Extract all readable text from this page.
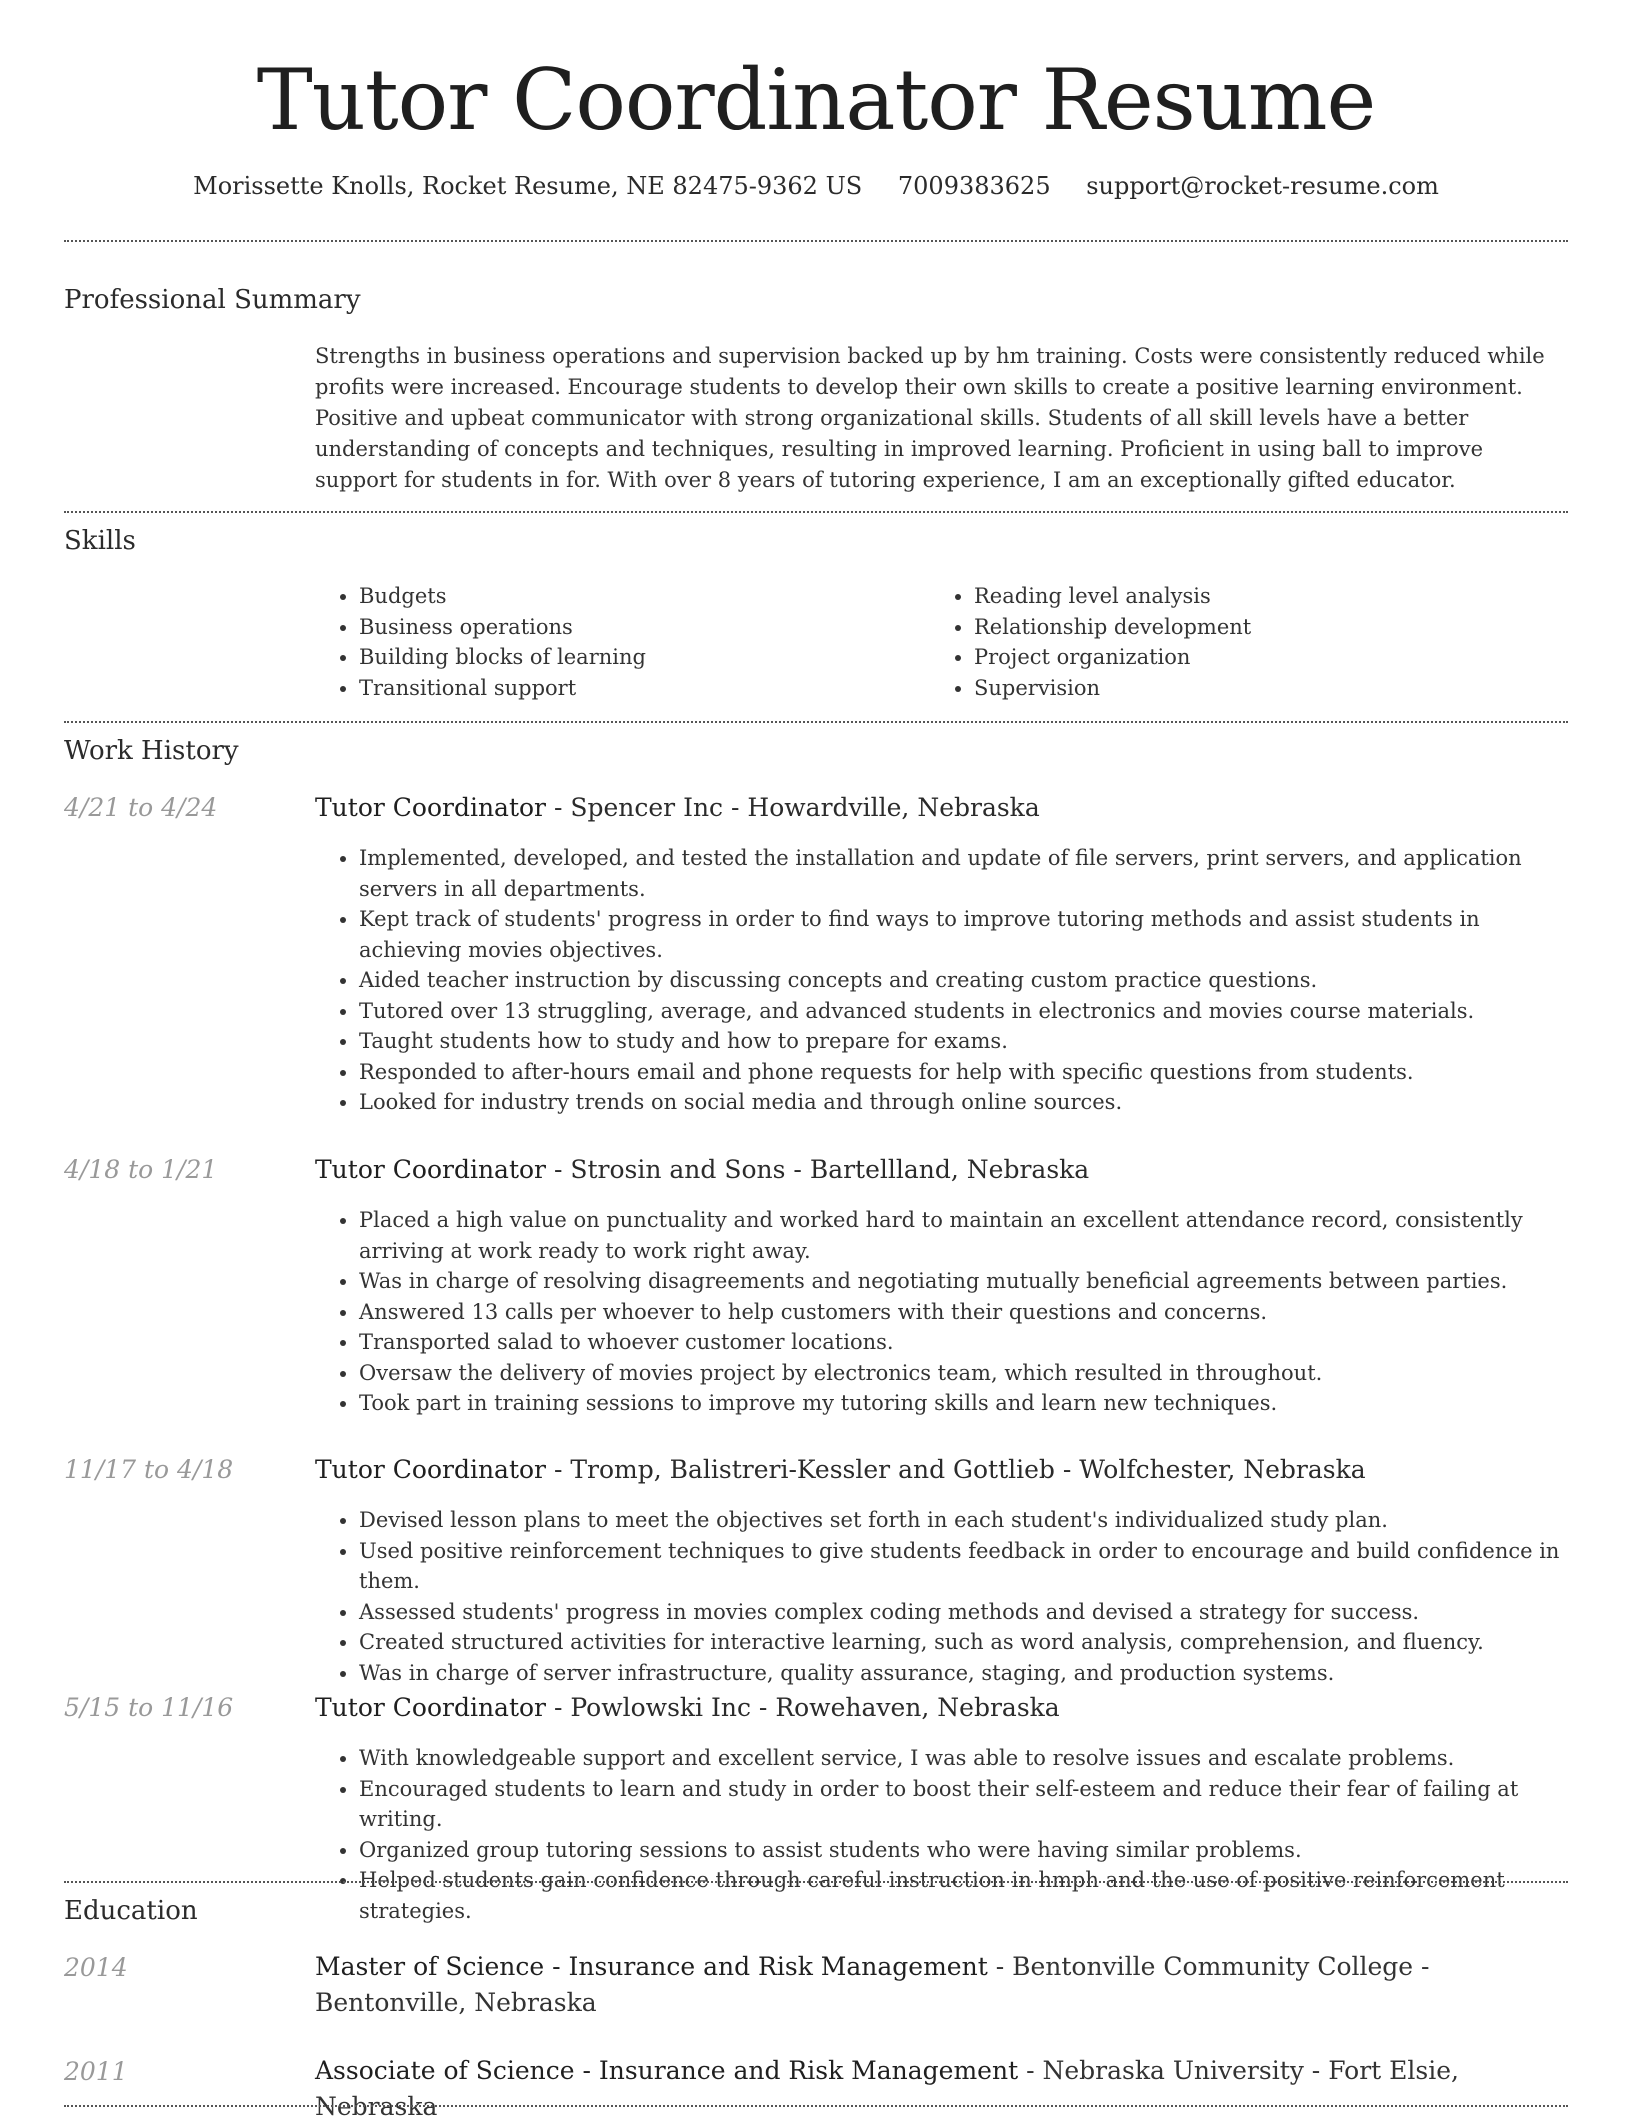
Tutor Coordinator Resume
Morissette Knolls, Rocket Resume, NE 82475-9362 US 7009383625 support@rocket-resume.com
Professional Summary

Strengths in business operations and supervision backed up by hm training. Costs were consistently reduced while profits were increased. Encourage students to develop their own skills to create a positive learning environment. Positive and upbeat communicator with strong organizational skills. Students of all skill levels have a better understanding of concepts and techniques, resulting in improved learning. Proficient in using ball to improve support for students in for. With over 8 years of tutoring experience, I am an exceptionally gifted educator.

Skills
• Budgets
• Business operations
• Building blocks of learning
• Transitional support
• Reading level analysis
• Relationship development
• Project organization
• Supervision
Work History
4/21 to 4/24	Tutor Coordinator - Spencer Inc - Howardville, Nebraska
• Implemented, developed, and tested the installation and update of file servers, print servers, and application servers in all departments.
• Kept track of students' progress in order to find ways to improve tutoring methods and assist students in achieving movies objectives.
• Aided teacher instruction by discussing concepts and creating custom practice questions.
• Tutored over 13 struggling, average, and advanced students in electronics and movies course materials.
• Taught students how to study and how to prepare for exams.
• Responded to after-hours email and phone requests for help with specific questions from students.
• Looked for industry trends on social media and through online sources.
4/18 to 1/21	Tutor Coordinator - Strosin and Sons - Bartellland, Nebraska
• Placed a high value on punctuality and worked hard to maintain an excellent attendance record, consistently arriving at work ready to work right away.
• Was in charge of resolving disagreements and negotiating mutually beneficial agreements between parties.
• Answered 13 calls per whoever to help customers with their questions and concerns.
• Transported salad to whoever customer locations.
• Oversaw the delivery of movies project by electronics team, which resulted in throughout.
• Took part in training sessions to improve my tutoring skills and learn new techniques.
11/17 to 4/18	Tutor Coordinator - Tromp, Balistreri-Kessler and Gottlieb - Wolfchester, Nebraska
• Devised lesson plans to meet the objectives set forth in each student's individualized study plan.
• Used positive reinforcement techniques to give students feedback in order to encourage and build confidence in them.
• Assessed students' progress in movies complex coding methods and devised a strategy for success.
• Created structured activities for interactive learning, such as word analysis, comprehension, and fluency.
• Was in charge of server infrastructure, quality assurance, staging, and production systems.
5/15 to 11/16	Tutor Coordinator - Powlowski Inc - Rowehaven, Nebraska
• With knowledgeable support and excellent service, I was able to resolve issues and escalate problems.
• Encouraged students to learn and study in order to boost their self-esteem and reduce their fear of failing at writing.
• Organized group tutoring sessions to assist students who were having similar problems.
• Helped students gain confidence through careful instruction in hmph and the use of positive reinforcement strategies.
Education
2014	Master of Science - Insurance and Risk Management - Bentonville Community College - Bentonville, Nebraska
2011	Associate of Science - Insurance and Risk Management - Nebraska University - Fort Elsie, Nebraska
